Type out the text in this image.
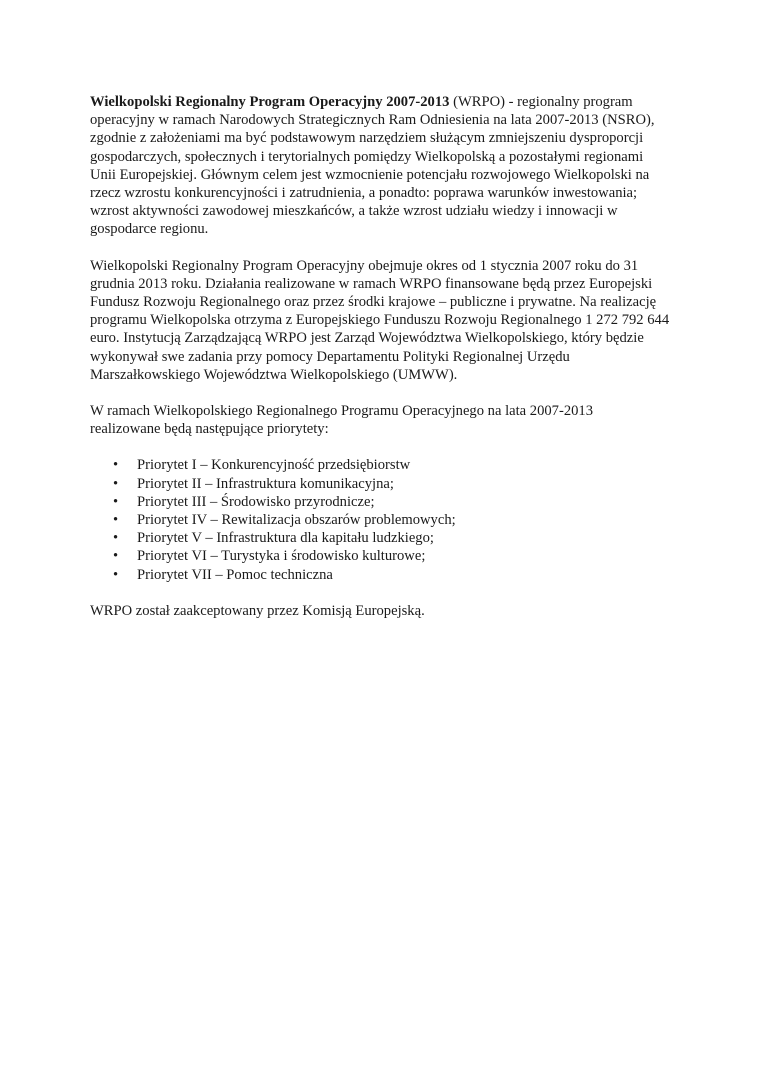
Wielkopolski Regionalny Program Operacyjny 2007-2013 (WRPO) - regionalny program operacyjny w ramach Narodowych Strategicznych Ram Odniesienia na lata 2007-2013 (NSRO), zgodnie z założeniami ma być podstawowym narzędziem służącym zmniejszeniu dysproporcji gospodarczych, społecznych i terytorialnych pomiędzy Wielkopolską a pozostałymi regionami Unii Europejskiej. Głównym celem jest wzmocnienie potencjału rozwojowego Wielkopolski na rzecz wzrostu konkurencyjności i zatrudnienia, a ponadto: poprawa warunków inwestowania; wzrost aktywności zawodowej mieszkańców, a także wzrost udziału wiedzy i innowacji w gospodarce regionu.

Wielkopolski Regionalny Program Operacyjny obejmuje okres od 1 stycznia 2007 roku do 31 grudnia 2013 roku. Działania realizowane w ramach WRPO finansowane będą przez Europejski Fundusz Rozwoju Regionalnego oraz przez środki krajowe – publiczne i prywatne. Na realizację programu Wielkopolska otrzyma z Europejskiego Funduszu Rozwoju Regionalnego 1 272 792 644 euro. Instytucją Zarządzającą WRPO jest Zarząd Województwa Wielkopolskiego, który będzie wykonywał swe zadania przy pomocy Departamentu Polityki Regionalnej Urzędu Marszałkowskiego Województwa Wielkopolskiego (UMWW).

W ramach Wielkopolskiego Regionalnego Programu Operacyjnego na lata 2007-2013 realizowane będą następujące priorytety:

• Priorytet I – Konkurencyjność przedsiębiorstw
• Priorytet II – Infrastruktura komunikacyjna;
• Priorytet III – Środowisko przyrodnicze;
• Priorytet IV – Rewitalizacja obszarów problemowych;
• Priorytet V – Infrastruktura dla kapitału ludzkiego;
• Priorytet VI – Turystyka i środowisko kulturowe;
• Priorytet VII – Pomoc techniczna

WRPO został zaakceptowany przez Komisją Europejską.
